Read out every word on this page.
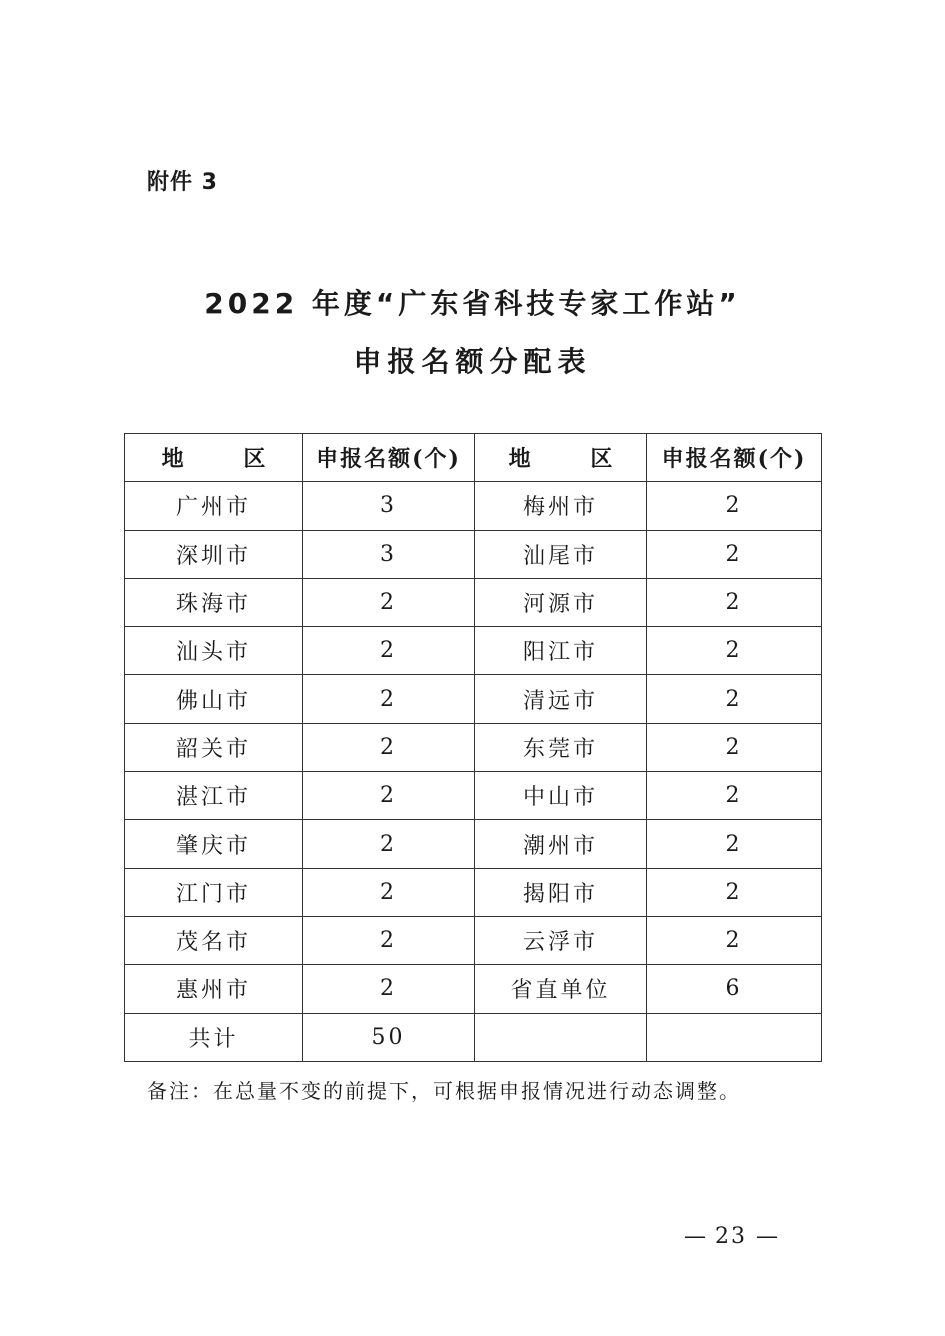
附件 3
2022 年度“广东省科技专家工作站”
申报名额分配表
地 区	申报名额(个)	地 区	申报名额(个)
广州市	3	梅州市	2
深圳市	3	汕尾市	2
珠海市	2	河源市	2
汕头市	2	阳江市	2
佛山市	2	清远市	2
韶关市	2	东莞市	2
湛江市	2	中山市	2
肇庆市	2	潮州市	2
江门市	2	揭阳市	2
茂名市	2	云浮市	2
惠州市	2	省直单位	6
共计	50		
备注：在总量不变的前提下，可根据申报情况进行动态调整。
— 23 —
